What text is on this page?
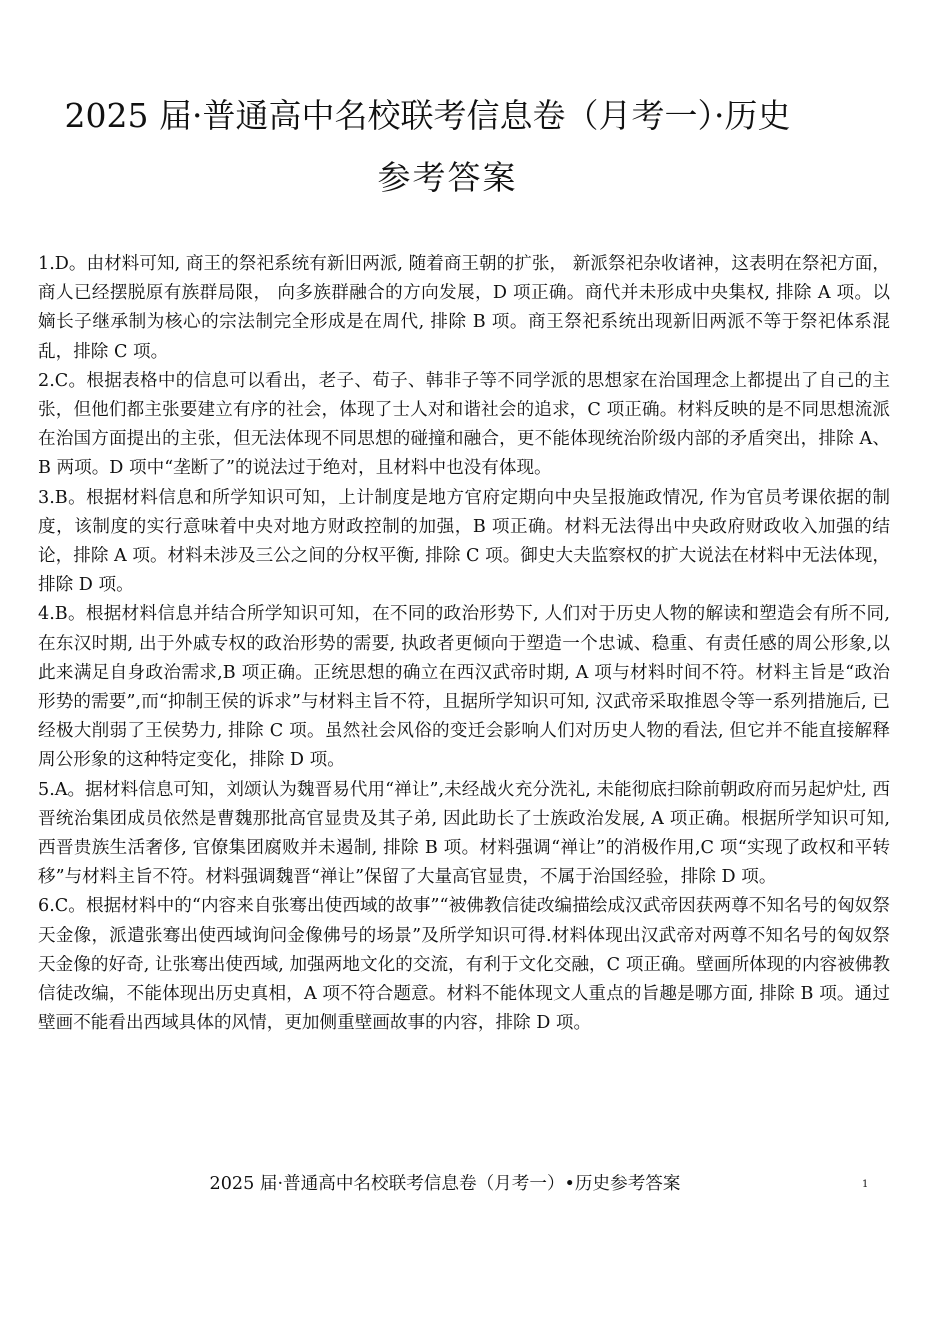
2025 届·普通高中名校联考信息卷（月考一）·历史
参考答案

1.D。由材料可知, 商王的祭祀系统有新旧两派, 随着商王朝的扩张， 新派祭祀杂收诸神，这表明在祭祀方面，商人已经摆脱原有族群局限， 向多族群融合的方向发展，D 项正确。商代并未形成中央集权, 排除 A 项。以嫡长子继承制为核心的宗法制完全形成是在周代, 排除 B 项。商王祭祀系统出现新旧两派不等于祭祀体系混乱，排除 C 项。

2.C。根据表格中的信息可以看出，老子、荀子、韩非子等不同学派的思想家在治国理念上都提出了自己的主张，但他们都主张要建立有序的社会，体现了士人对和谐社会的追求，C 项正确。材料反映的是不同思想流派在治国方面提出的主张，但无法体现不同思想的碰撞和融合，更不能体现统治阶级内部的矛盾突出，排除 A、B 两项。D 项中“垄断了”的说法过于绝对，且材料中也没有体现。

3.B。根据材料信息和所学知识可知，上计制度是地方官府定期向中央呈报施政情况, 作为官员考课依据的制度，该制度的实行意味着中央对地方财政控制的加强，B 项正确。材料无法得出中央政府财政收入加强的结论，排除 A 项。材料未涉及三公之间的分权平衡, 排除 C 项。御史大夫监察权的扩大说法在材料中无法体现，排除 D 项。

4.B。根据材料信息并结合所学知识可知，在不同的政治形势下, 人们对于历史人物的解读和塑造会有所不同, 在东汉时期, 出于外戚专权的政治形势的需要, 执政者更倾向于塑造一个忠诚、稳重、有责任感的周公形象,以此来满足自身政治需求,B 项正确。正统思想的确立在西汉武帝时期, A 项与材料时间不符。材料主旨是“政治形势的需要”,而“抑制王侯的诉求”与材料主旨不符，且据所学知识可知, 汉武帝采取推恩令等一系列措施后, 已经极大削弱了王侯势力, 排除 C 项。虽然社会风俗的变迁会影响人们对历史人物的看法, 但它并不能直接解释周公形象的这种特定变化，排除 D 项。

5.A。据材料信息可知，刘颂认为魏晋易代用“禅让”,未经战火充分洗礼, 未能彻底扫除前朝政府而另起炉灶, 西晋统治集团成员依然是曹魏那批高官显贵及其子弟, 因此助长了士族政治发展, A 项正确。根据所学知识可知, 西晋贵族生活奢侈, 官僚集团腐败并未遏制, 排除 B 项。材料强调“禅让”的消极作用,C 项“实现了政权和平转移”与材料主旨不符。材料强调魏晋“禅让”保留了大量高官显贵，不属于治国经验，排除 D 项。

6.C。根据材料中的“内容来自张骞出使西域的故事”“被佛教信徒改编描绘成汉武帝因获两尊不知名号的匈奴祭天金像，派遣张骞出使西域询问金像佛号的场景”及所学知识可得.材料体现出汉武帝对两尊不知名号的匈奴祭天金像的好奇, 让张骞出使西域, 加强两地文化的交流，有利于文化交融，C 项正确。壁画所体现的内容被佛教信徒改编，不能体现出历史真相，A 项不符合题意。材料不能体现文人重点的旨趣是哪方面, 排除 B 项。通过壁画不能看出西域具体的风情，更加侧重壁画故事的内容，排除 D 项。

2025 届·普通高中名校联考信息卷（月考一）•历史参考答案	1
